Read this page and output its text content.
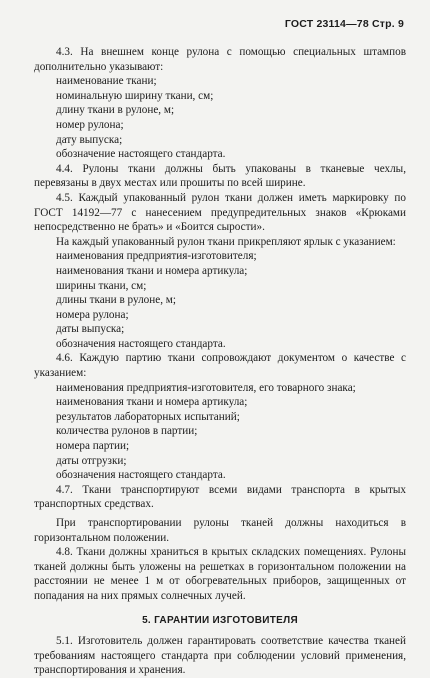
ГОСТ 23114—78 Стр. 9
4.3. На внешнем конце рулона с помощью специальных штампов дополнительно указывают:
наименование ткани;
номинальную ширину ткани, см;
длину ткани в рулоне, м;
номер рулона;
дату выпуска;
обозначение настоящего стандарта.
4.4. Рулоны ткани должны быть упакованы в тканевые чехлы, перевязаны в двух местах или прошиты по всей ширине.
4.5. Каждый упакованный рулон ткани должен иметь маркировку по ГОСТ 14192—77 с нанесением предупредительных знаков «Крюками непосредственно не брать» и «Боится сырости».
На каждый упакованный рулон ткани прикрепляют ярлык с указанием:
наименования предприятия-изготовителя;
наименования ткани и номера артикула;
ширины ткани, см;
длины ткани в рулоне, м;
номера рулона;
даты выпуска;
обозначения настоящего стандарта.
4.6. Каждую партию ткани сопровождают документом о качестве с указанием:
наименования предприятия-изготовителя, его товарного знака;
наименования ткани и номера артикула;
результатов лабораторных испытаний;
количества рулонов в партии;
номера партии;
даты отгрузки;
обозначения настоящего стандарта.
4.7. Ткани транспортируют всеми видами транспорта в крытых транспортных средствах.
При транспортировании рулоны тканей должны находиться в горизонтальном положении.
4.8. Ткани должны храниться в крытых складских помещениях. Рулоны тканей должны быть уложены на решетках в горизонтальном положении на расстоянии не менее 1 м от обогревательных приборов, защищенных от попадания на них прямых солнечных лучей.
5. ГАРАНТИИ ИЗГОТОВИТЕЛЯ
5.1. Изготовитель должен гарантировать соответствие качества тканей требованиям настоящего стандарта при соблюдении условий применения, транспортирования и хранения.
